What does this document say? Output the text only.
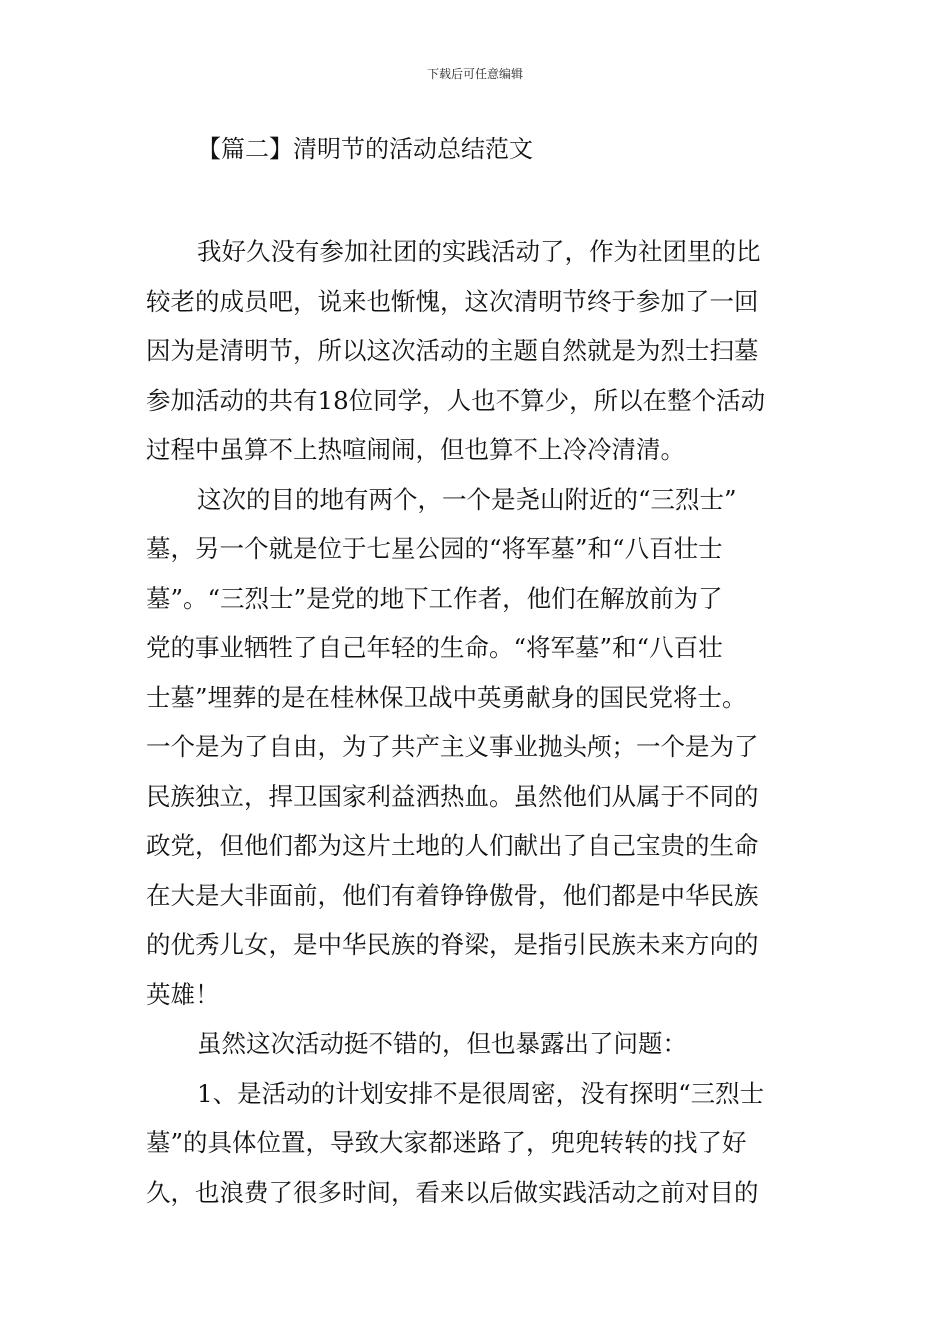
下载后可任意编辑
【篇二】清明节的活动总结范文
我好久没有参加社团的实践活动了，作为社团里的比
较老的成员吧，说来也惭愧，这次清明节终于参加了一回
因为是清明节，所以这次活动的主题自然就是为烈士扫墓
参加活动的共有18位同学，人也不算少，所以在整个活动
过程中虽算不上热喧闹闹，但也算不上冷冷清清。
这次的目的地有两个，一个是尧山附近的“三烈士”
墓，另一个就是位于七星公园的“将军墓”和“八百壮士
墓”。“三烈士”是党的地下工作者，他们在解放前为了
党的事业牺牲了自己年轻的生命。“将军墓”和“八百壮
士墓”埋葬的是在桂林保卫战中英勇献身的国民党将士。
一个是为了自由，为了共产主义事业抛头颅；一个是为了
民族独立，捍卫国家利益洒热血。虽然他们从属于不同的
政党，但他们都为这片土地的人们献出了自己宝贵的生命
在大是大非面前，他们有着铮铮傲骨，他们都是中华民族
的优秀儿女，是中华民族的脊梁，是指引民族未来方向的
英雄！
虽然这次活动挺不错的，但也暴露出了问题：
1、是活动的计划安排不是很周密，没有探明“三烈士
墓”的具体位置，导致大家都迷路了，兜兜转转的找了好
久，也浪费了很多时间，看来以后做实践活动之前对目的
